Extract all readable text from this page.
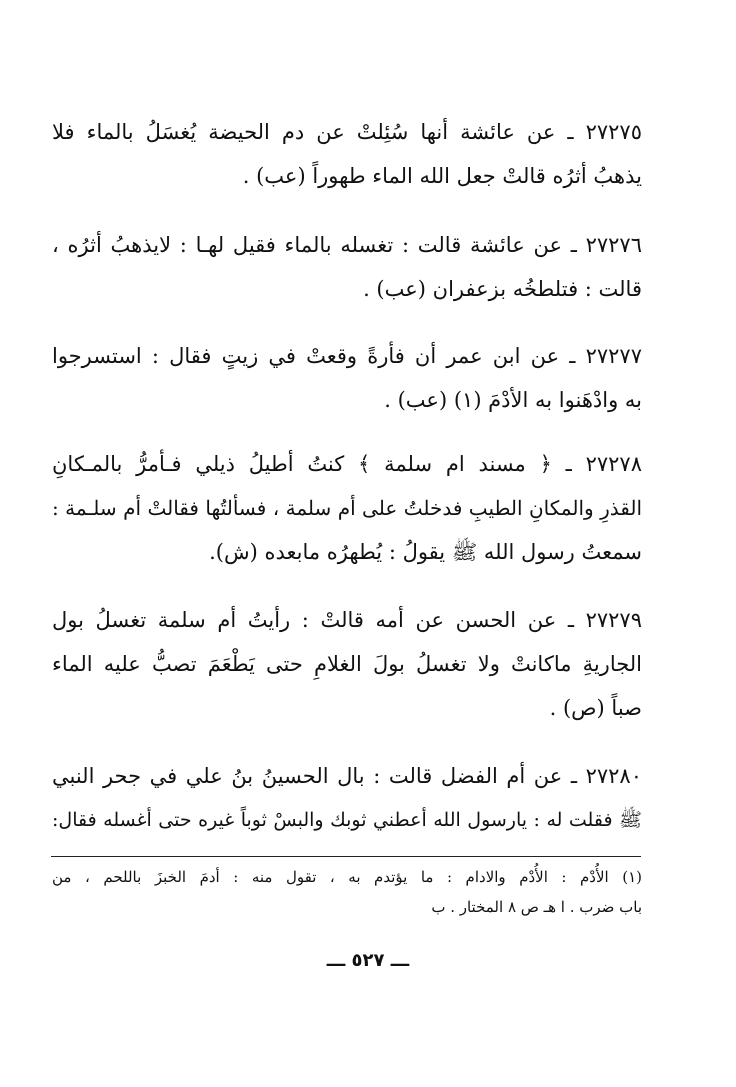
٢٧٢٧٥ ـ عن عائشة أنها سُئِلتْ عن دم الحيضة يُغسَلُ بالماء فلا
يذهبُ أثرُه قالتْ جعل الله الماء طهوراً (عب) .
٢٧٢٧٦ ـ عن عائشة قالت : تغسله بالماء فقيل لهـا : لايذهبُ أثرُه ،
قالت : فتلطخُه بزعفران (عب) .
٢٧٢٧٧ ـ عن ابن عمر أن فأرةً وقعتْ في زيتٍ فقال : استسرجوا
به وادْهَنوا به الأدْمَ (١) (عب) .
٢٧٢٧٨ ـ ﴿ مسند ام سلمة ﴾ كنتُ أطيلُ ذيلي فـأمرُّ بالمـكانِ
القذرِ والمكانِ الطيبِ فدخلتُ على أم سلمة ، فسألتُها فقالتْ أم سلـمة :
سمعتُ رسول الله ﷺ يقولُ : يُطهرُه مابعده (ش).
٢٧٢٧٩ ـ عن الحسن عن أمه قالتْ : رأيتُ أم سلمة تغسلُ بول
الجاريةِ ماكانتْ ولا تغسلُ بولَ الغلامِ حتى يَطْعَمَ تصبُّ عليه الماء
صباً (ص) .
٢٧٢٨٠ ـ عن أم الفضل قالت : بال الحسينُ بنُ علي في جحر النبي
ﷺ فقلت له : يارسول الله أعطني ثوبك والبسْ ثوباً غيره حتى أغسله فقال:
(١) الأُدْم : الأُدْم والادام : ما يؤتدم به ، تقول منه : أدمَ الخبزَ باللحم ، من
باب ضرب . ا هـ ص ٨ المختار . ب
ـــ ٥٢٧ ـــ
